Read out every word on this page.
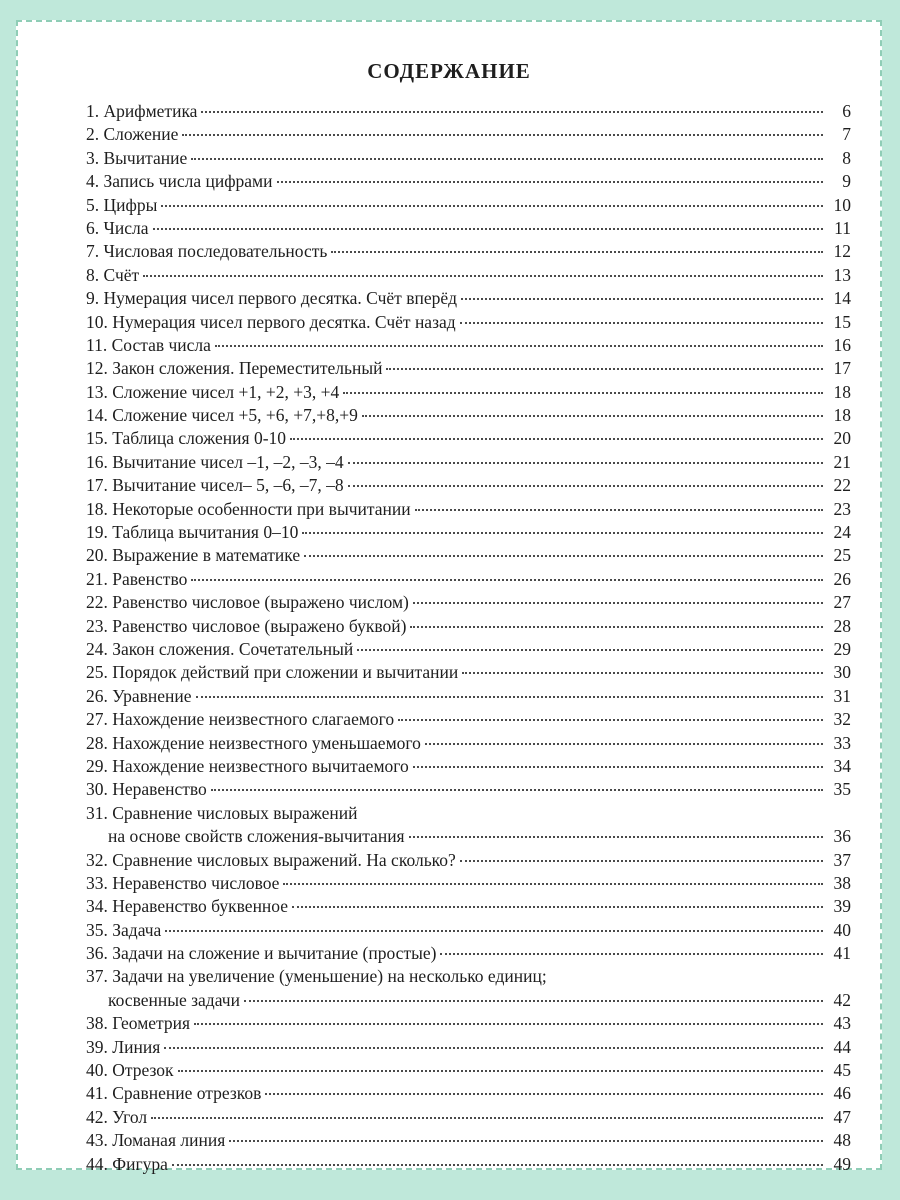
СОДЕРЖАНИЕ
1. Арифметика	6
2. Сложение	7
3. Вычитание	8
4. Запись числа цифрами	9
5. Цифры	10
6. Числа	11
7. Числовая последовательность	12
8. Счёт	13
9. Нумерация чисел первого десятка. Счёт вперёд	14
10. Нумерация чисел первого десятка. Счёт назад	15
11. Состав числа	16
12. Закон сложения. Переместительный	17
13. Сложение чисел +1, +2, +3, +4	18
14. Сложение чисел +5, +6, +7,+8,+9	18
15. Таблица сложения 0-10	20
16. Вычитание чисел –1, –2, –3, –4	21
17. Вычитание чисел– 5, –6, –7, –8	22
18. Некоторые особенности при вычитании	23
19. Таблица вычитания 0–10	24
20. Выражение в математике	25
21. Равенство	26
22. Равенство числовое (выражено числом)	27
23. Равенство числовое (выражено буквой)	28
24. Закон сложения. Сочетательный	29
25. Порядок действий при сложении и вычитании	30
26. Уравнение	31
27. Нахождение неизвестного слагаемого	32
28. Нахождение неизвестного уменьшаемого	33
29. Нахождение неизвестного вычитаемого	34
30. Неравенство	35
31. Сравнение числовых выражений
на основе свойств сложения-вычитания	36
32. Сравнение числовых выражений. На сколько?	37
33. Неравенство числовое	38
34. Неравенство буквенное	39
35. Задача	40
36. Задачи на сложение и вычитание (простые)	41
37. Задачи на увеличение (уменьшение) на несколько единиц;
косвенные задачи	42
38. Геометрия	43
39. Линия	44
40. Отрезок	45
41. Сравнение отрезков	46
42. Угол	47
43. Ломаная линия	48
44. Фигура	49
